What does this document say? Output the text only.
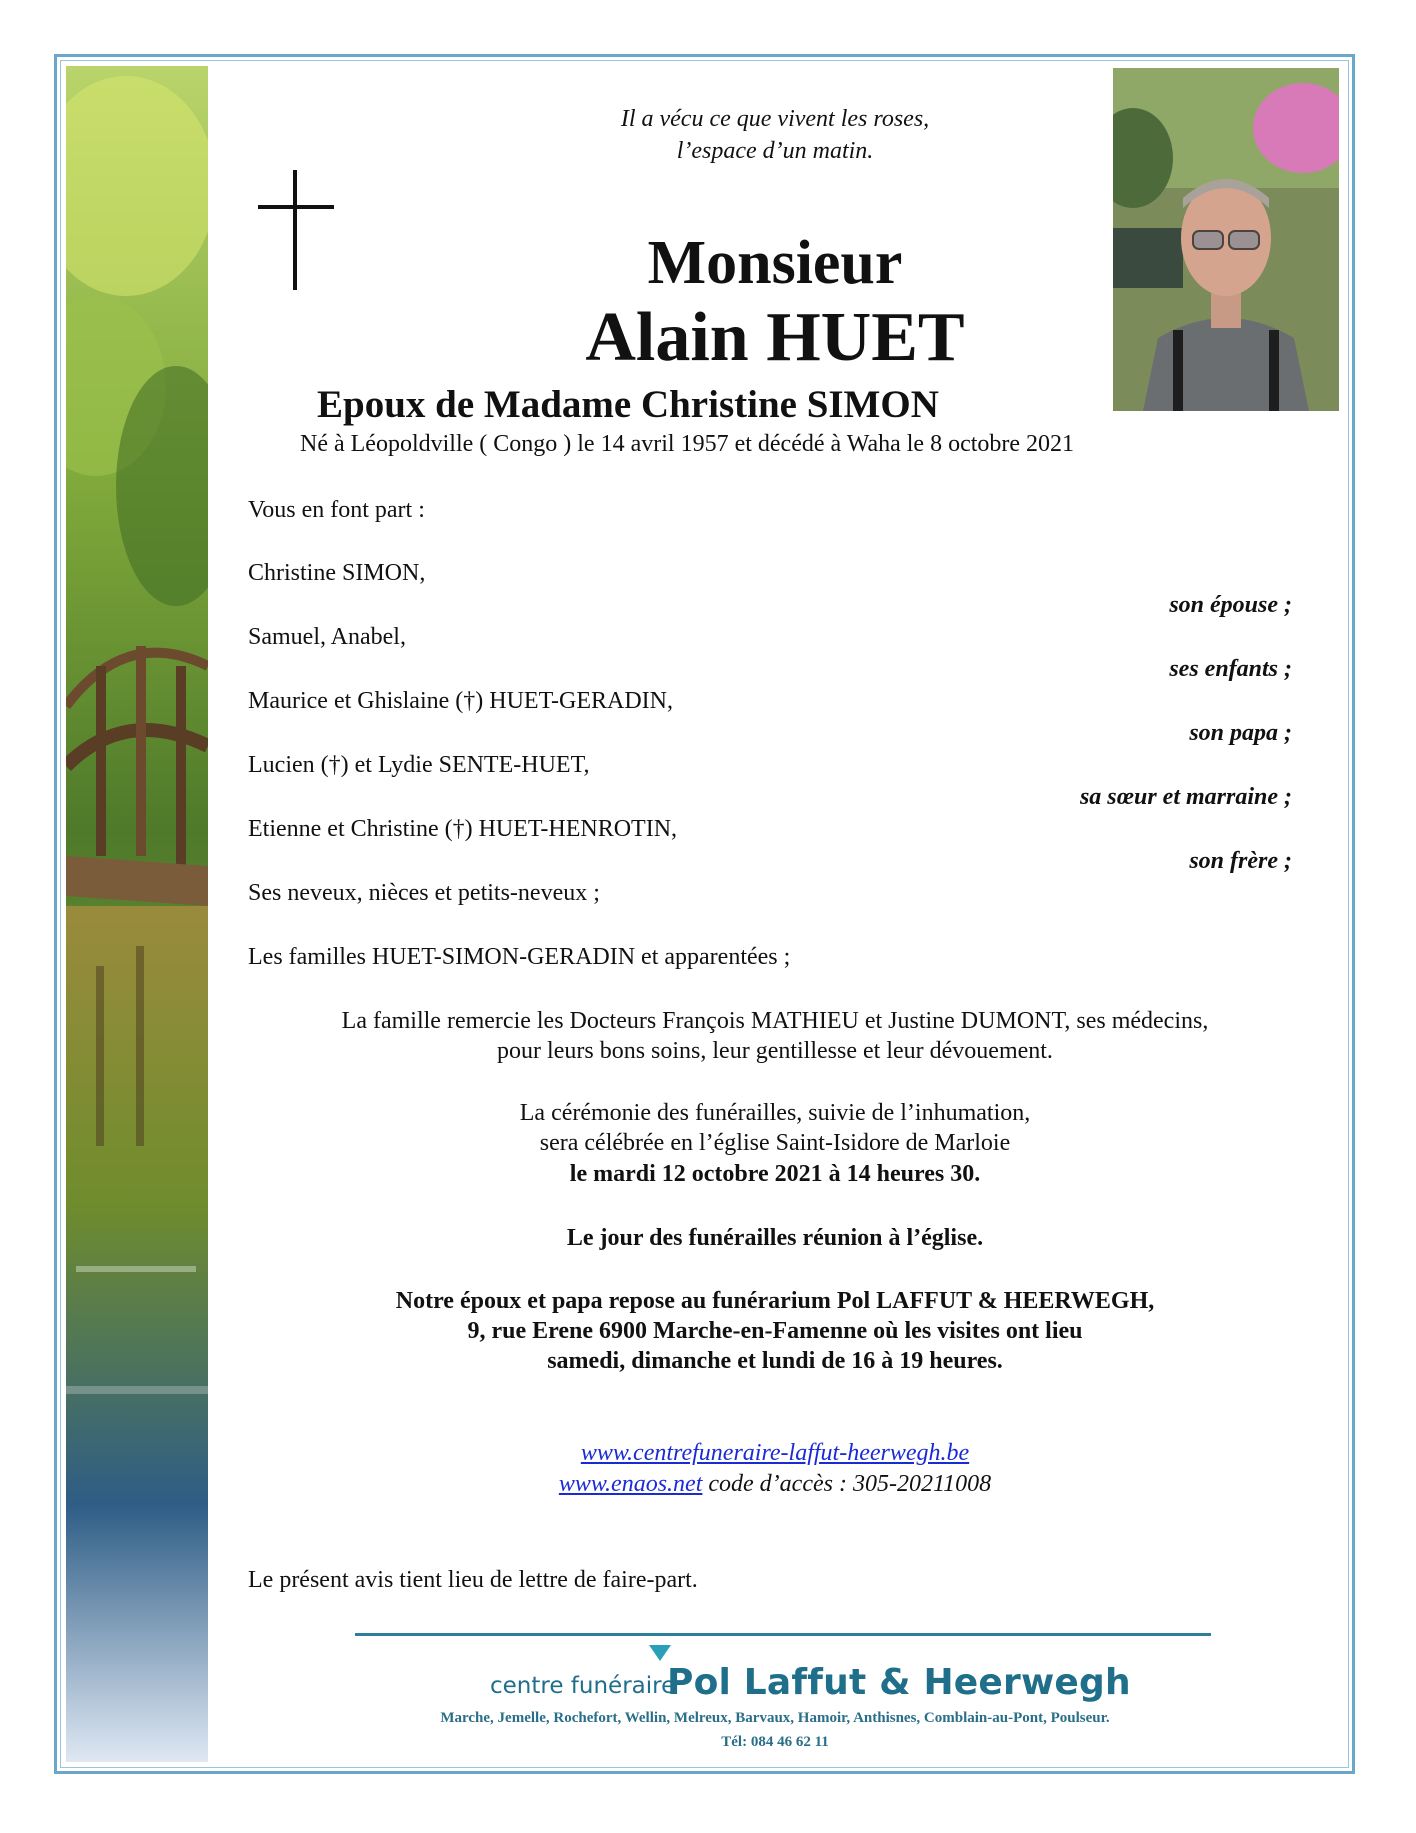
Il a vécu ce que vivent les roses,

l’espace d’un matin.

Monsieur

Alain HUET

Epoux de Madame Christine SIMON

Né à Léopoldville ( Congo ) le 14 avril 1957 et décédé à Waha le 8 octobre 2021

Vous en font part :

Christine SIMON,

son épouse ;

Samuel, Anabel,

ses enfants ;

Maurice et Ghislaine (†) HUET-GERADIN,

son papa ;

Lucien (†) et Lydie SENTE-HUET,

sa sœur et marraine ;

Etienne et Christine (†) HUET-HENROTIN,

son frère ;

Ses neveux, nièces et petits-neveux ;

Les familles HUET-SIMON-GERADIN et apparentées ;

La famille remercie les Docteurs François MATHIEU et Justine DUMONT, ses médecins,

pour leurs bons soins, leur gentillesse et leur dévouement.

La cérémonie des funérailles, suivie de l’inhumation,

sera célébrée en l’église Saint-Isidore de Marloie

le mardi 12 octobre 2021 à 14 heures 30.

Le jour des funérailles réunion à l’église.

Notre époux et papa repose au funérarium Pol LAFFUT & HEERWEGH,

9, rue Erene 6900 Marche-en-Famenne où les visites ont lieu

samedi, dimanche et lundi de 16 à 19 heures.

www.centrefuneraire-laffut-heerwegh.be

www.enaos.net code d’accès : 305-20211008

Le présent avis tient lieu de lettre de faire-part.

centre funéraire

Pol Laffut & Heerwegh

Marche, Jemelle, Rochefort, Wellin, Melreux, Barvaux, Hamoir, Anthisnes, Comblain-au-Pont, Poulseur.

Tél: 084 46 62 11
